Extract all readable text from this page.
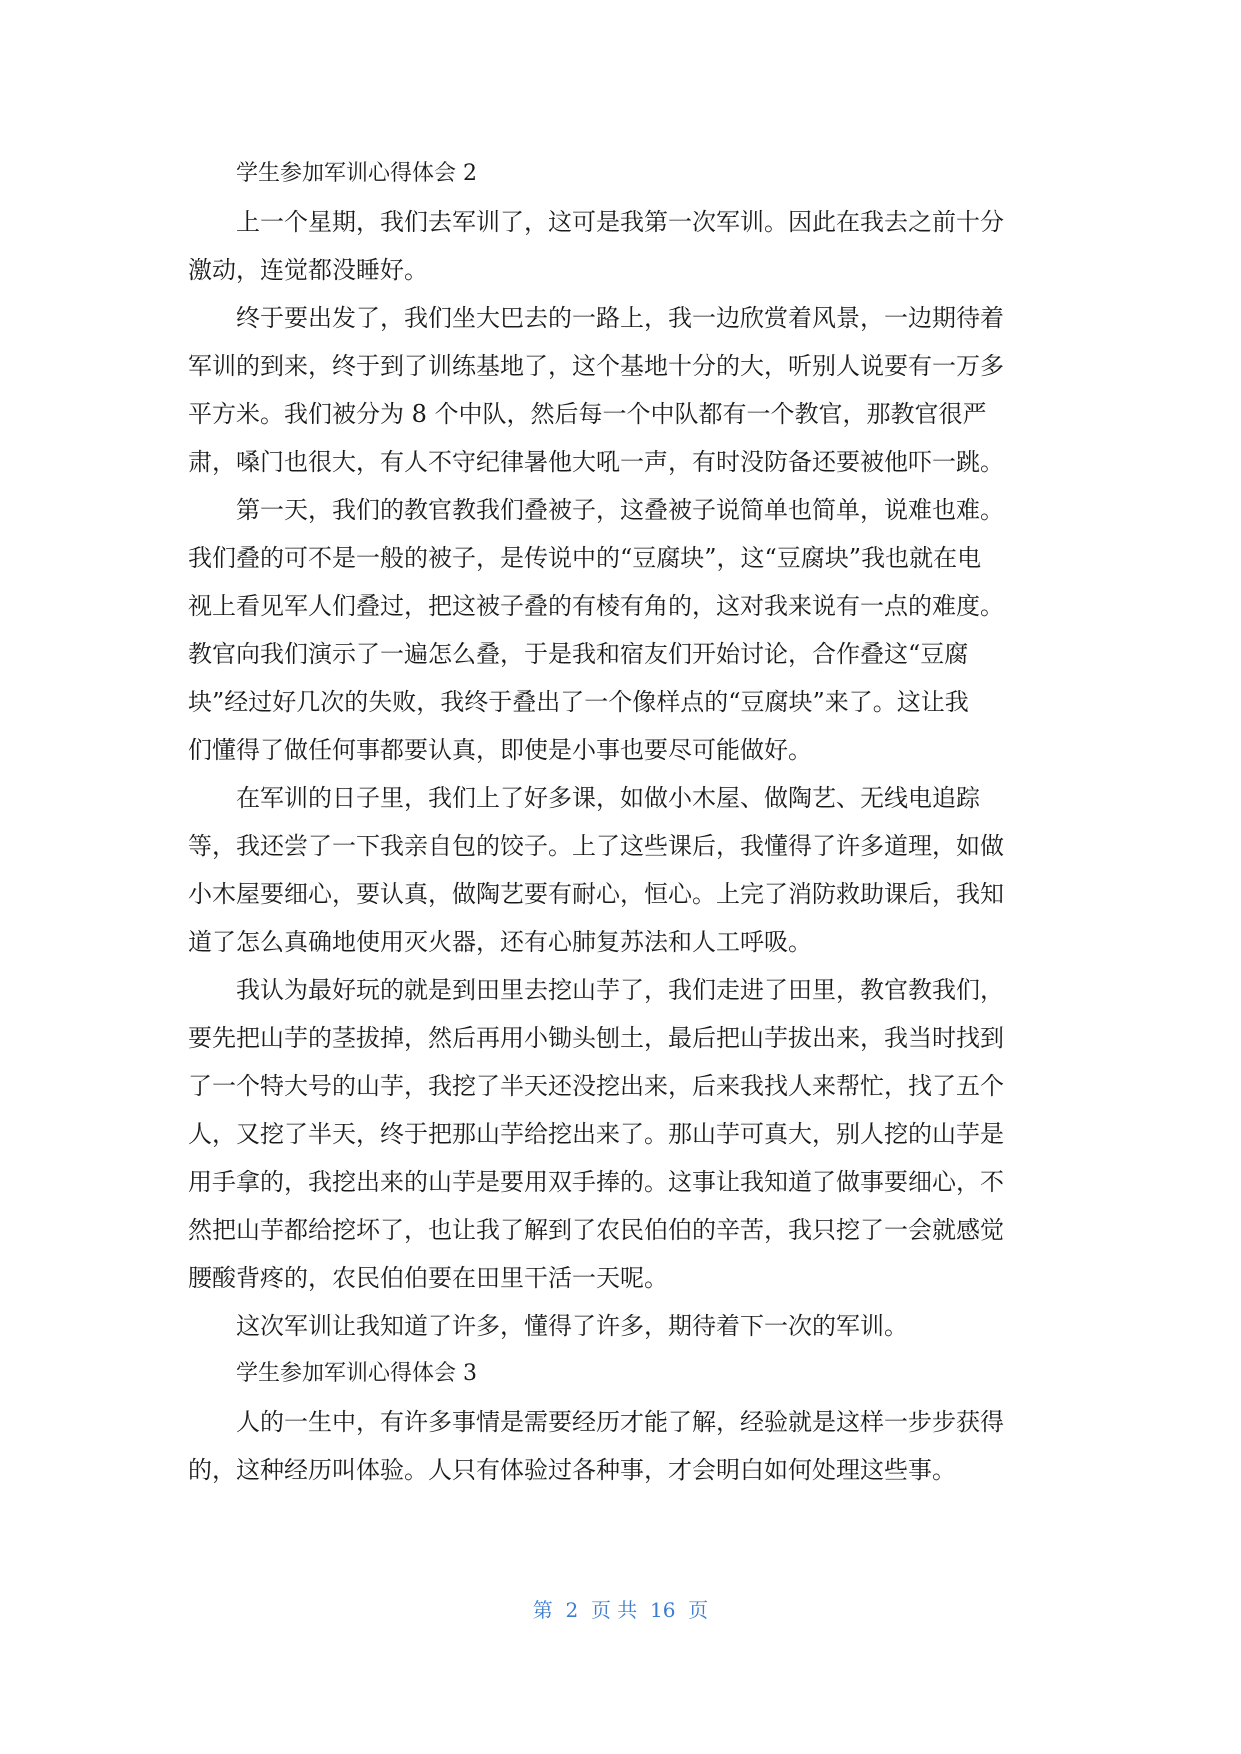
学生参加军训心得体会 2
上一个星期，我们去军训了，这可是我第一次军训。因此在我去之前十分
激动，连觉都没睡好。
终于要出发了，我们坐大巴去的一路上，我一边欣赏着风景，一边期待着
军训的到来，终于到了训练基地了，这个基地十分的大，听别人说要有一万多
平方米。我们被分为 8 个中队，然后每一个中队都有一个教官，那教官很严
肃，嗓门也很大，有人不守纪律暑他大吼一声，有时没防备还要被他吓一跳。
第一天，我们的教官教我们叠被子，这叠被子说简单也简单，说难也难。
我们叠的可不是一般的被子，是传说中的“豆腐块”，这“豆腐块”我也就在电
视上看见军人们叠过，把这被子叠的有棱有角的，这对我来说有一点的难度。
教官向我们演示了一遍怎么叠，于是我和宿友们开始讨论，合作叠这“豆腐
块”经过好几次的失败，我终于叠出了一个像样点的“豆腐块”来了。这让我
们懂得了做任何事都要认真，即使是小事也要尽可能做好。
在军训的日子里，我们上了好多课，如做小木屋、做陶艺、无线电追踪
等，我还尝了一下我亲自包的饺子。上了这些课后，我懂得了许多道理，如做
小木屋要细心，要认真，做陶艺要有耐心，恒心。上完了消防救助课后，我知
道了怎么真确地使用灭火器，还有心肺复苏法和人工呼吸。
我认为最好玩的就是到田里去挖山芋了，我们走进了田里，教官教我们，
要先把山芋的茎拔掉，然后再用小锄头刨土，最后把山芋拔出来，我当时找到
了一个特大号的山芋，我挖了半天还没挖出来，后来我找人来帮忙，找了五个
人，又挖了半天，终于把那山芋给挖出来了。那山芋可真大，别人挖的山芋是
用手拿的，我挖出来的山芋是要用双手捧的。这事让我知道了做事要细心，不
然把山芋都给挖坏了，也让我了解到了农民伯伯的辛苦，我只挖了一会就感觉
腰酸背疼的，农民伯伯要在田里干活一天呢。
这次军训让我知道了许多，懂得了许多，期待着下一次的军训。
学生参加军训心得体会 3
人的一生中，有许多事情是需要经历才能了解，经验就是这样一步步获得
的，这种经历叫体验。人只有体验过各种事，才会明白如何处理这些事。
第  2  页 共  16  页
